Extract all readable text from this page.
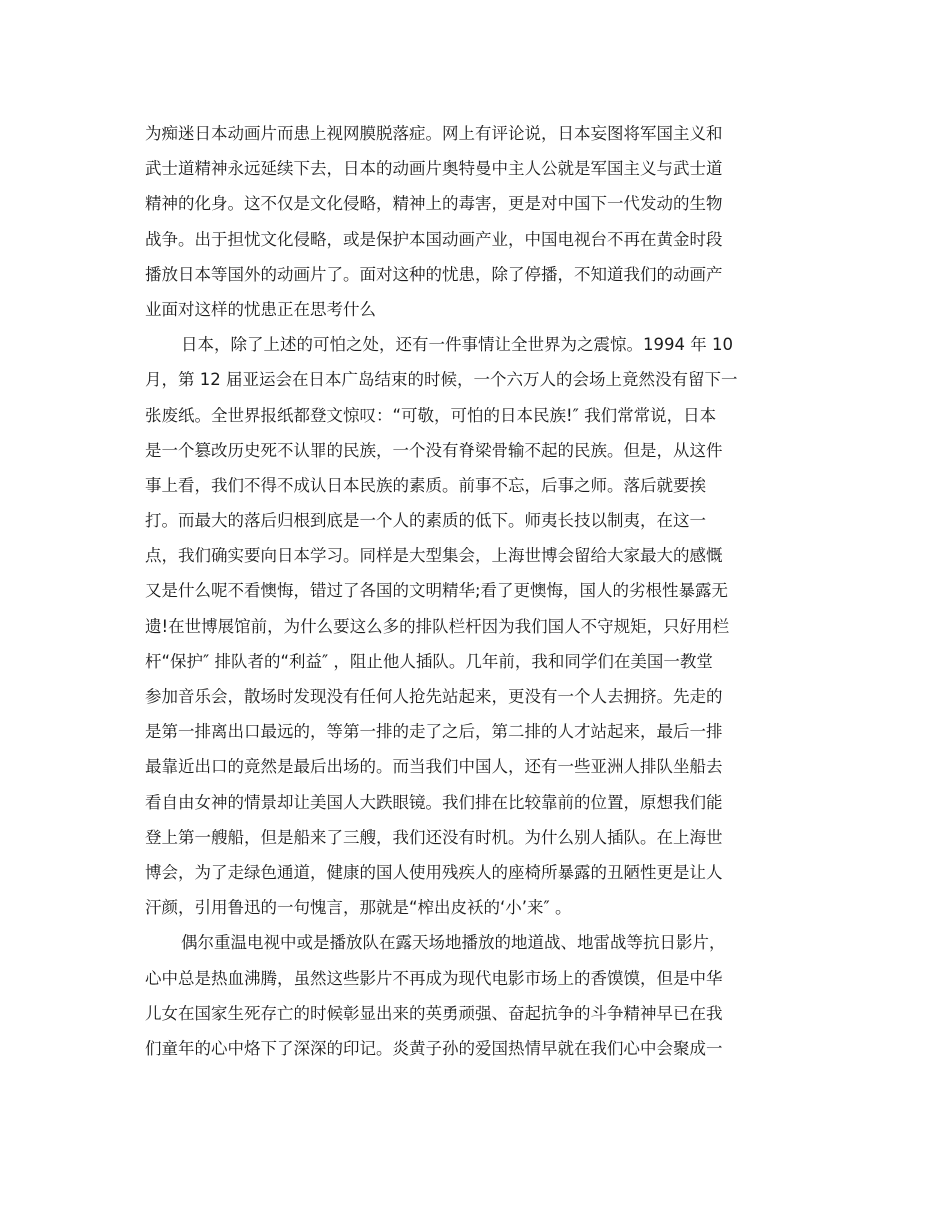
为痴迷日本动画片而患上视网膜脱落症。网上有评论说，日本妄图将军国主义和
武士道精神永远延续下去，日本的动画片奥特曼中主人公就是军国主义与武士道
精神的化身。这不仅是文化侵略，精神上的毒害，更是对中国下一代发动的生物
战争。出于担忧文化侵略，或是保护本国动画产业，中国电视台不再在黄金时段
播放日本等国外的动画片了。面对这种的忧患，除了停播，不知道我们的动画产
业面对这样的忧患正在思考什么
日本，除了上述的可怕之处，还有一件事情让全世界为之震惊。1994 年 10
月，第 12 届亚运会在日本广岛结束的时候，一个六万人的会场上竟然没有留下一
张废纸。全世界报纸都登文惊叹：“可敬，可怕的日本民族!″ 我们常常说，日本
是一个篡改历史死不认罪的民族，一个没有脊梁骨输不起的民族。但是，从这件
事上看，我们不得不成认日本民族的素质。前事不忘，后事之师。落后就要挨
打。而最大的落后归根到底是一个人的素质的低下。师夷长技以制夷，在这一
点，我们确实要向日本学习。同样是大型集会，上海世博会留给大家最大的感慨
又是什么呢不看懊悔，错过了各国的文明精华;看了更懊悔，国人的劣根性暴露无
遗!在世博展馆前，为什么要这么多的排队栏杆因为我们国人不守规矩，只好用栏
杆“保护″ 排队者的“利益″ ，阻止他人插队。几年前，我和同学们在美国一教堂
参加音乐会，散场时发现没有任何人抢先站起来，更没有一个人去拥挤。先走的
是第一排离出口最远的，等第一排的走了之后，第二排的人才站起来，最后一排
最靠近出口的竟然是最后出场的。而当我们中国人，还有一些亚洲人排队坐船去
看自由女神的情景却让美国人大跌眼镜。我们排在比较靠前的位置，原想我们能
登上第一艘船，但是船来了三艘，我们还没有时机。为什么别人插队。在上海世
博会，为了走绿色通道，健康的国人使用残疾人的座椅所暴露的丑陋性更是让人
汗颜，引用鲁迅的一句愧言，那就是“榨出皮袄的‘小’来″ 。
偶尔重温电视中或是播放队在露天场地播放的地道战、地雷战等抗日影片，
心中总是热血沸腾，虽然这些影片不再成为现代电影市场上的香馍馍，但是中华
儿女在国家生死存亡的时候彰显出来的英勇顽强、奋起抗争的斗争精神早已在我
们童年的心中烙下了深深的印记。炎黄子孙的爱国热情早就在我们心中会聚成一
